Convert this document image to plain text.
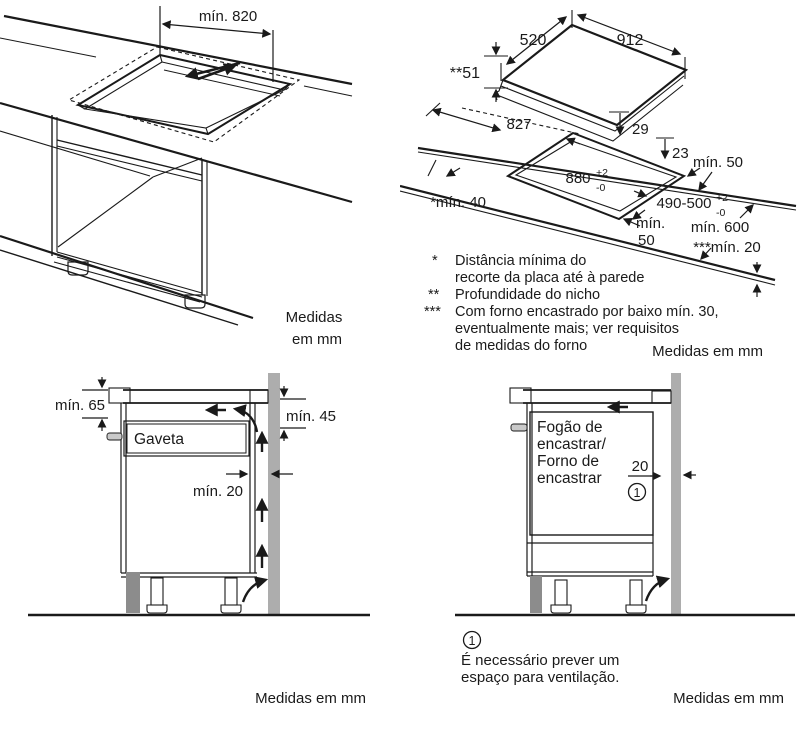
mín. 820
Medidas
em mm
520	912
**51
827	29
23
mín. 50
880 +2
-0
490-500 +2
-0
*mín. 40
mín.
50
mín. 600
***mín. 20
* Distância mínima do
recorte da placa até à parede
** Profundidade do nicho
*** Com forno encastrado por baixo mín. 30,
eventualmente mais; ver requisitos
de medidas do forno	Medidas em mm
Gaveta
mín. 65
mín. 45
mín. 20
Medidas em mm
Fogão de
encastrar/
Forno de
encastrar
20
1
1
É necessário prever um
espaço para ventilação.
Medidas em mm
